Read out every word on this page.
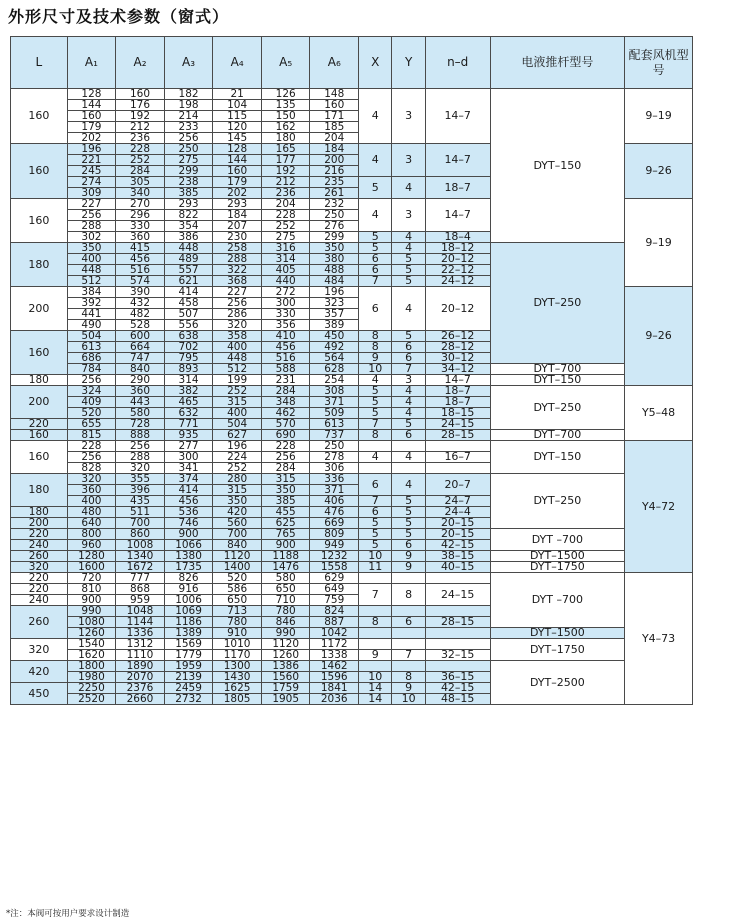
外形尺寸及技术参数（窗式）
L	A₁	A₂	A₃	A₄	A₅	A₆	X	Y	n–d	电液推杆型号	配套风机型号
160	128	160	182	21	126	148	4	3	14–7	DYT–150	9–19
	144	176	198	104	135	160					
	160	192	214	115	150	171					
	179	212	233	120	162	185					
	202	236	256	145	180	204					
160	196	228	250	128	165	184	4	3	14–7		9–26
	221	252	275	144	177	200					
	245	284	299	160	192	216					
	274	305	238	179	212	235	5	4	18–7		
	309	340	385	202	236	261					
160	227	270	293	293	204	232	4	3	14–7		9–19
	256	296	822	184	228	250					
	288	330	354	207	252	276					
	302	360	386	230	275	299	5	4	18–4		
180	350	415	448	258	316	350	5	4	18–12	DYT–250	
	400	456	489	288	314	380	6	5	20–12		
	448	516	557	322	405	488	6	5	22–12		
	512	574	621	368	440	484	7	5	24–12		
200	384	390	414	227	272	196	6	4	20–12		9–26
	392	432	458	256	300	323					
	441	482	507	286	330	357					
	490	528	556	320	356	389					
160	504	600	638	358	410	450	8	5	26–12		
	613	664	702	400	456	492	8	6	28–12		
	686	747	795	448	516	564	9	6	30–12		
	784	840	893	512	588	628	10	7	34–12	DYT–700	
180	256	290	314	199	231	254	4	3	14–7	DYT–150	
200	324	360	382	252	284	308	5	4	18–7	DYT–250	Y5–48
	409	443	465	315	348	371	5	4	18–7		
	520	580	632	400	462	509	5	4	18–15		
220	655	728	771	504	570	613	7	5	24–15		
160	815	888	935	627	690	737	8	6	28–15	DYT–700	
160	228	256	277	196	228	250				DYT–150	Y4–72
	256	288	300	224	256	278	4	4	16–7		
	828	320	341	252	284	306					
180	320	355	374	280	315	336	6	4	20–7	DYT–250	
	360	396	414	315	350	371					
	400	435	456	350	385	406	7	5	24–7		
180	480	511	536	420	455	476	6	5	24–4		
200	640	700	746	560	625	669	5	5	20–15		
220	800	860	900	700	765	809	5	5	20–15	DYT –700	
240	960	1008	1066	840	900	949	5	6	42–15		
260	1280	1340	1380	1120	1188	1232	10	9	38–15	DYT–1500	
320	1600	1672	1735	1400	1476	1558	11	9	40–15	DYT–1750	
220	720	777	826	520	580	629				DYT –700	Y4–73
220	810	868	916	586	650	649	7	8	24–15		
240	900	959	1006	650	710	759					
260	990	1048	1069	713	780	824					
	1080	1144	1186	780	846	887	8	6	28–15		
	1260	1336	1389	910	990	1042				DYT–1500	
320	1540	1312	1569	1010	1120	1172				DYT–1750	
	1620	1110	1779	1170	1260	1338	9	7	32–15		
420	1800	1890	1959	1300	1386	1462				DYT–2500	
	1980	2070	2139	1430	1560	1596	10	8	36–15		
450	2250	2376	2459	1625	1759	1841	14	9	42–15		
	2520	2660	2732	1805	1905	2036	14	10	48–15		
*注：本阀可按用户要求设计制造
